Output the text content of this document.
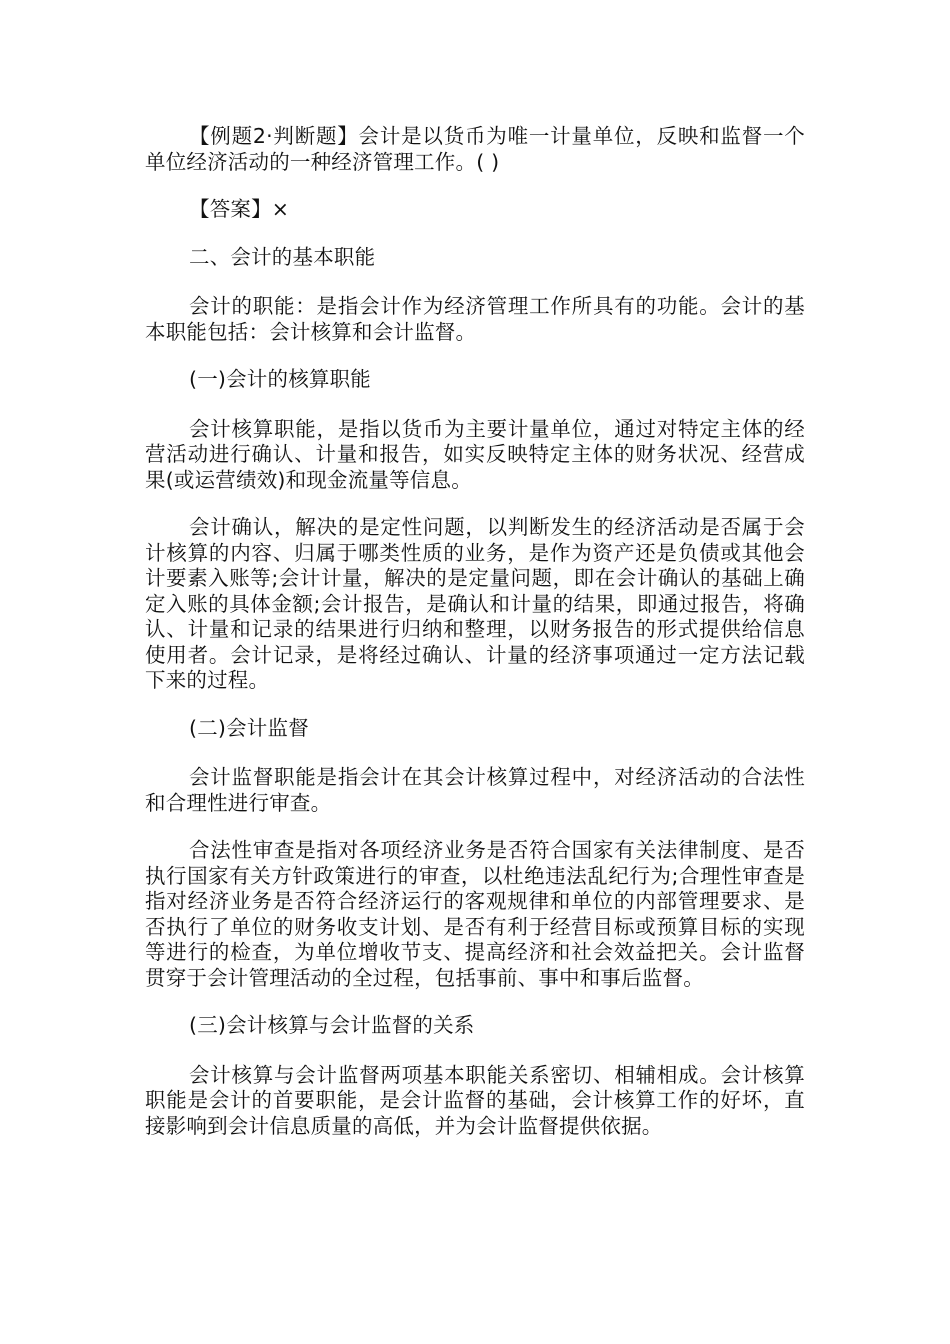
【例题2·判断题】会计是以货币为唯一计量单位，反映和监督一个单位经济活动的一种经济管理工作。( )

【答案】×

二、会计的基本职能

会计的职能：是指会计作为经济管理工作所具有的功能。会计的基本职能包括：会计核算和会计监督。

(一)会计的核算职能

会计核算职能，是指以货币为主要计量单位，通过对特定主体的经营活动进行确认、计量和报告，如实反映特定主体的财务状况、经营成果(或运营绩效)和现金流量等信息。

会计确认，解决的是定性问题，以判断发生的经济活动是否属于会计核算的内容、归属于哪类性质的业务，是作为资产还是负债或其他会计要素入账等;会计计量，解决的是定量问题，即在会计确认的基础上确定入账的具体金额;会计报告，是确认和计量的结果，即通过报告，将确认、计量和记录的结果进行归纳和整理，以财务报告的形式提供给信息使用者。会计记录，是将经过确认、计量的经济事项通过一定方法记载下来的过程。

(二)会计监督

会计监督职能是指会计在其会计核算过程中，对经济活动的合法性和合理性进行审查。

合法性审查是指对各项经济业务是否符合国家有关法律制度、是否执行国家有关方针政策进行的审查，以杜绝违法乱纪行为;合理性审查是指对经济业务是否符合经济运行的客观规律和单位的内部管理要求、是否执行了单位的财务收支计划、是否有利于经营目标或预算目标的实现等进行的检查，为单位增收节支、提高经济和社会效益把关。会计监督贯穿于会计管理活动的全过程，包括事前、事中和事后监督。

(三)会计核算与会计监督的关系

会计核算与会计监督两项基本职能关系密切、相辅相成。会计核算职能是会计的首要职能，是会计监督的基础，会计核算工作的好坏，直接影响到会计信息质量的高低，并为会计监督提供依据。
